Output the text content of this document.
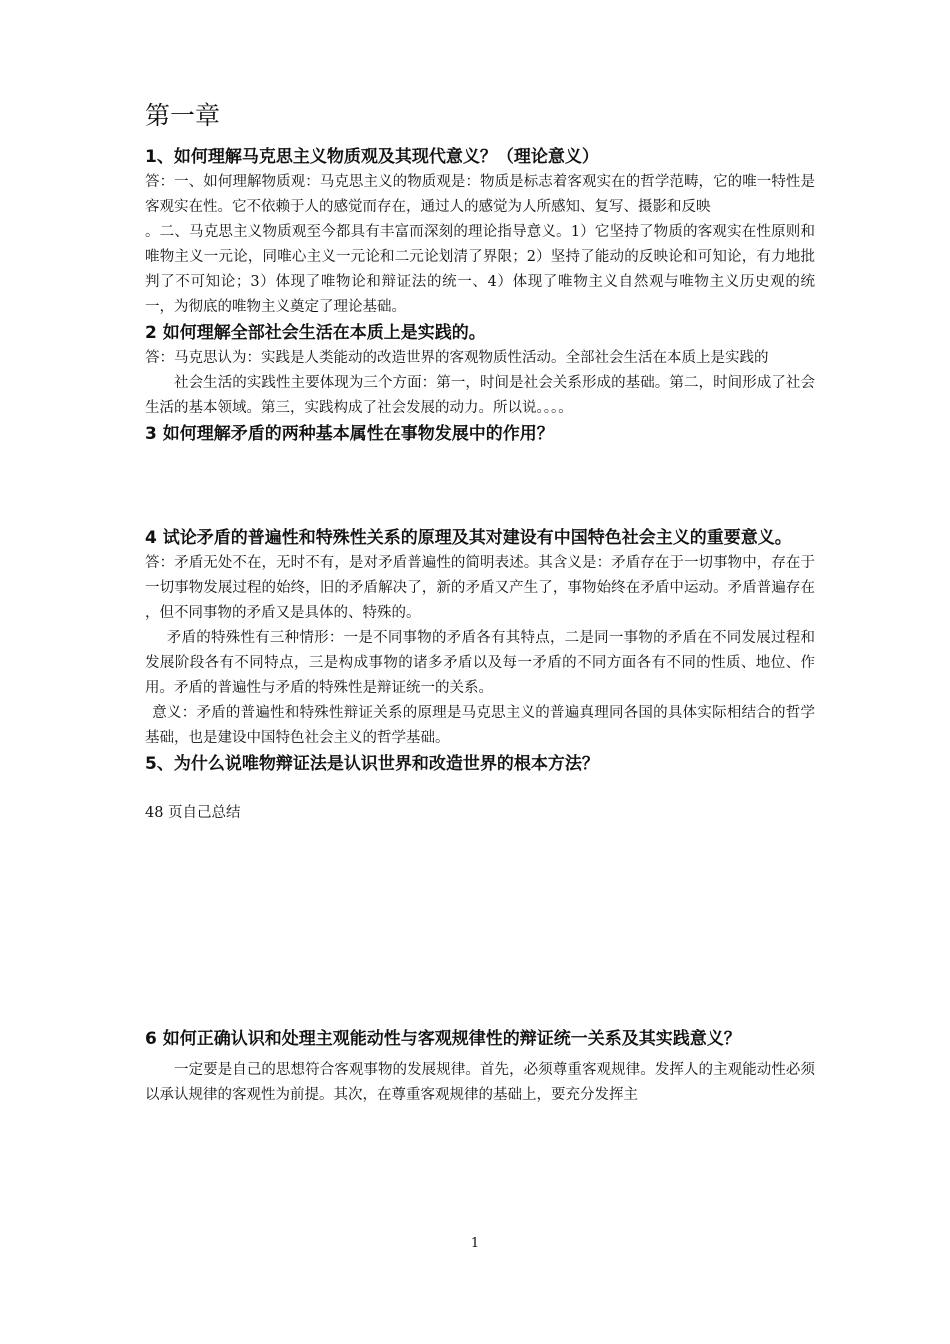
第一章

1、如何理解马克思主义物质观及其现代意义？（理论意义）

答：一、如何理解物质观：马克思主义的物质观是：物质是标志着客观实在的哲学范畴，它的唯一特性是客观实在性。它不依赖于人的感觉而存在，通过人的感觉为人所感知、复写、摄影和反映

。二、马克思主义物质观至今都具有丰富而深刻的理论指导意义。1）它坚持了物质的客观实在性原则和唯物主义一元论，同唯心主义一元论和二元论划清了界限；2）坚持了能动的反映论和可知论，有力地批判了不可知论；3）体现了唯物论和辩证法的统一、4）体现了唯物主义自然观与唯物主义历史观的统一，为彻底的唯物主义奠定了理论基础。

2 如何理解全部社会生活在本质上是实践的。

答：马克思认为：实践是人类能动的改造世界的客观物质性活动。全部社会生活在本质上是实践的

社会生活的实践性主要体现为三个方面：第一，时间是社会关系形成的基础。第二，时间形成了社会生活的基本领域。第三，实践构成了社会发展的动力。所以说。。。。

3 如何理解矛盾的两种基本属性在事物发展中的作用？

4 试论矛盾的普遍性和特殊性关系的原理及其对建设有中国特色社会主义的重要意义。

答：矛盾无处不在，无时不有，是对矛盾普遍性的简明表述。其含义是：矛盾存在于一切事物中，存在于一切事物发展过程的始终，旧的矛盾解决了，新的矛盾又产生了，事物始终在矛盾中运动。矛盾普遍存在 ，但不同事物的矛盾又是具体的、特殊的。

矛盾的特殊性有三种情形：一是不同事物的矛盾各有其特点，二是同一事物的矛盾在不同发展过程和发展阶段各有不同特点，三是构成事物的诸多矛盾以及每一矛盾的不同方面各有不同的性质、地位、作用。矛盾的普遍性与矛盾的特殊性是辩证统一的关系。

意义：矛盾的普遍性和特殊性辩证关系的原理是马克思主义的普遍真理同各国的具体实际相结合的哲学基础，也是建设中国特色社会主义的哲学基础。

5、为什么说唯物辩证法是认识世界和改造世界的根本方法？

48 页自己总结

6 如何正确认识和处理主观能动性与客观规律性的辩证统一关系及其实践意义？

一定要是自己的思想符合客观事物的发展规律。首先，必须尊重客观规律。发挥人的主观能动性必须以承认规律的客观性为前提。其次，在尊重客观规律的基础上，要充分发挥主

1
